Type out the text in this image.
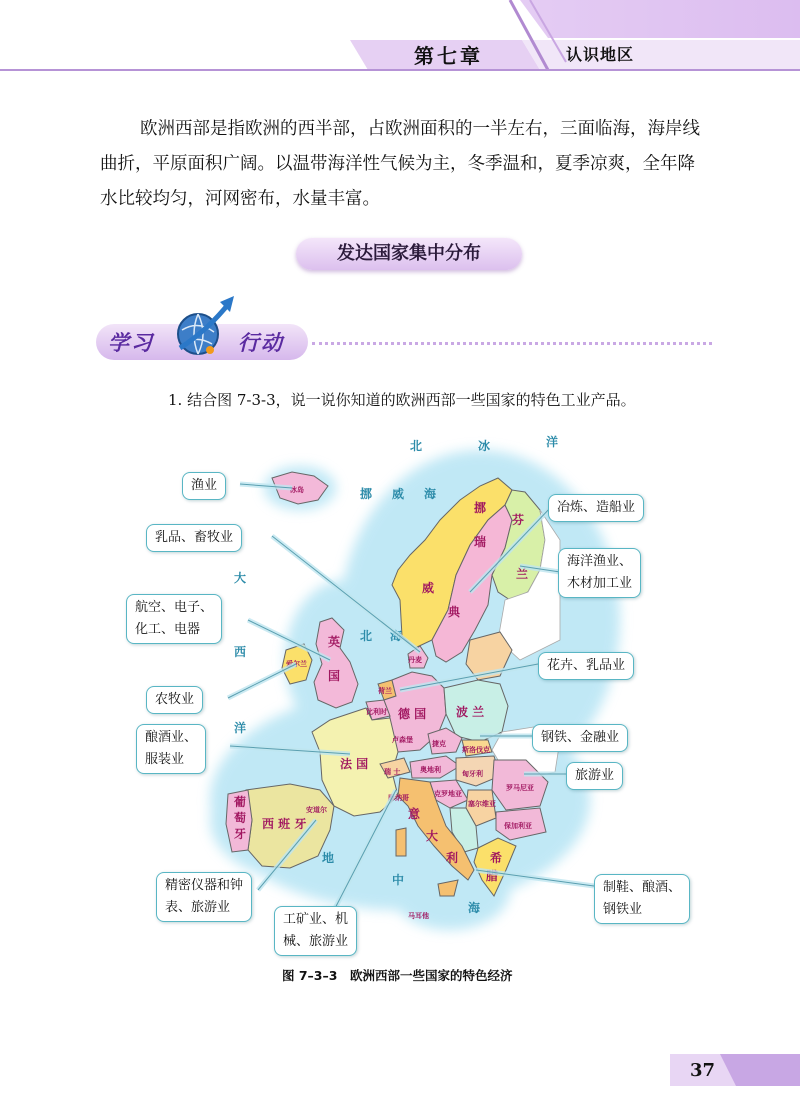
第七章	认识地区
欧洲西部是指欧洲的西半部，占欧洲面积的一半左右，三面临海，海岸线
曲折，平原面积广阔。以温带海洋性气候为主，冬季温和，夏季凉爽，全年降
水比较均匀，河网密布，水量丰富。
发达国家集中分布
学习	行动
1. 结合图 7-3-3，说一说你知道的欧洲西部一些国家的特色工业产品。
冰岛
挪
威
瑞
典
芬
兰
英
国
爱尔兰	丹麦
德 国 波 兰
法 国
西 班 牙
葡
萄
牙
意
大
利
瑞 士	奥地利	匈牙利
罗马尼亚
保加利亚
希
腊
捷克
荷兰
比利时
卢森堡
斯洛伐克
克罗地亚
塞尔维亚
安道尔
摩纳哥
马耳他
北	冰	洋
挪 威 海
大
西
洋
北 海
地
中
海
渔业
乳品、畜牧业
航空、电子、
化工、电器
农牧业
酿酒业、
服装业
精密仪器和钟
表、旅游业
工矿业、机
械、旅游业
冶炼、造船业
海洋渔业、
木材加工业
花卉、乳品业
钢铁、金融业
旅游业
制鞋、酿酒、
钢铁业
图 7–3–3　欧洲西部一些国家的特色经济
37
